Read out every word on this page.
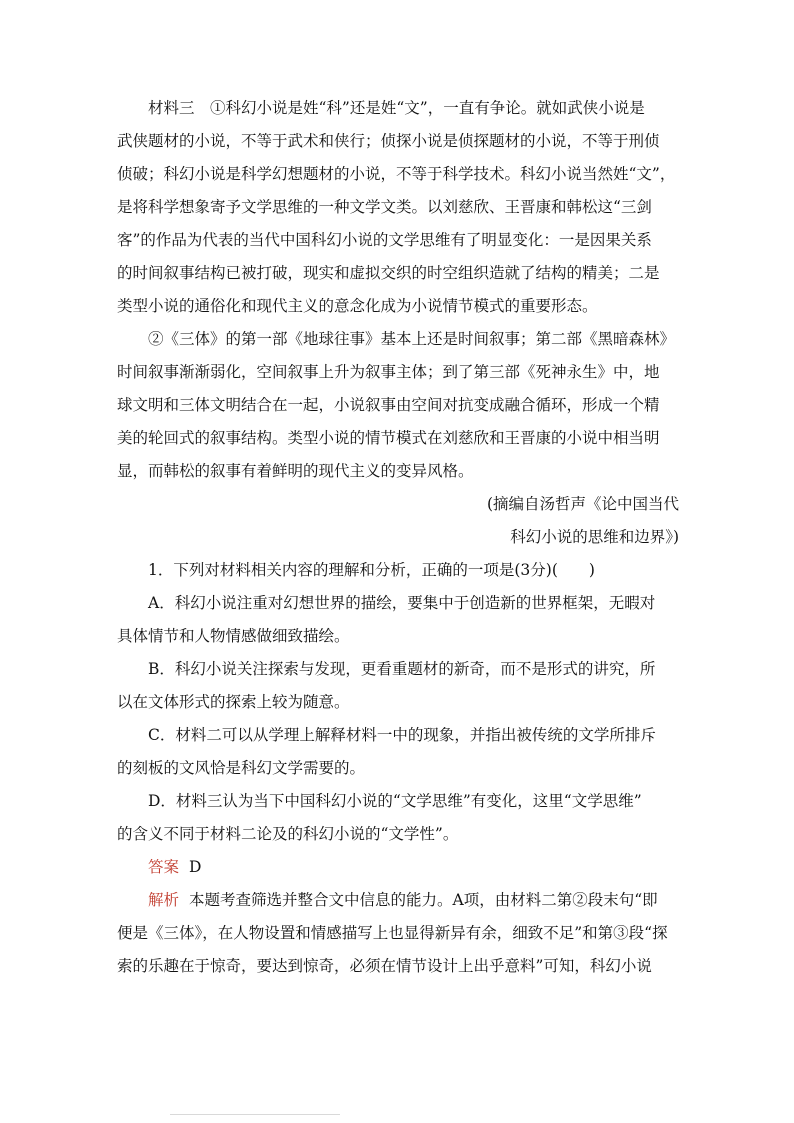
材料三　①科幻小说是姓“科”还是姓“文”，一直有争论。就如武侠小说是
武侠题材的小说，不等于武术和侠行；侦探小说是侦探题材的小说，不等于刑侦
侦破；科幻小说是科学幻想题材的小说，不等于科学技术。科幻小说当然姓“文”，
是将科学想象寄予文学思维的一种文学文类。以刘慈欣、王晋康和韩松这“三剑
客”的作品为代表的当代中国科幻小说的文学思维有了明显变化：一是因果关系
的时间叙事结构已被打破，现实和虚拟交织的时空组织造就了结构的精美；二是
类型小说的通俗化和现代主义的意念化成为小说情节模式的重要形态。
②《三体》的第一部《地球往事》基本上还是时间叙事；第二部《黑暗森林》
时间叙事渐渐弱化，空间叙事上升为叙事主体；到了第三部《死神永生》中，地
球文明和三体文明结合在一起，小说叙事由空间对抗变成融合循环，形成一个精
美的轮回式的叙事结构。类型小说的情节模式在刘慈欣和王晋康的小说中相当明
显，而韩松的叙事有着鲜明的现代主义的变异风格。
(摘编自汤哲声《论中国当代
科幻小说的思维和边界》)
1．下列对材料相关内容的理解和分析，正确的一项是(3分)(　　)
A．科幻小说注重对幻想世界的描绘，要集中于创造新的世界框架，无暇对
具体情节和人物情感做细致描绘。
B．科幻小说关注探索与发现，更看重题材的新奇，而不是形式的讲究，所
以在文体形式的探索上较为随意。
C．材料二可以从学理上解释材料一中的现象，并指出被传统的文学所排斥
的刻板的文风恰是科幻文学需要的。
D．材料三认为当下中国科幻小说的“文学思维”有变化，这里“文学思维”
的含义不同于材料二论及的科幻小说的“文学性”。
答案 D
解析 本题考查筛选并整合文中信息的能力。A项，由材料二第②段末句“即
便是《三体》，在人物设置和情感描写上也显得新异有余，细致不足”和第③段“探
索的乐趣在于惊奇，要达到惊奇，必须在情节设计上出乎意料”可知，科幻小说
